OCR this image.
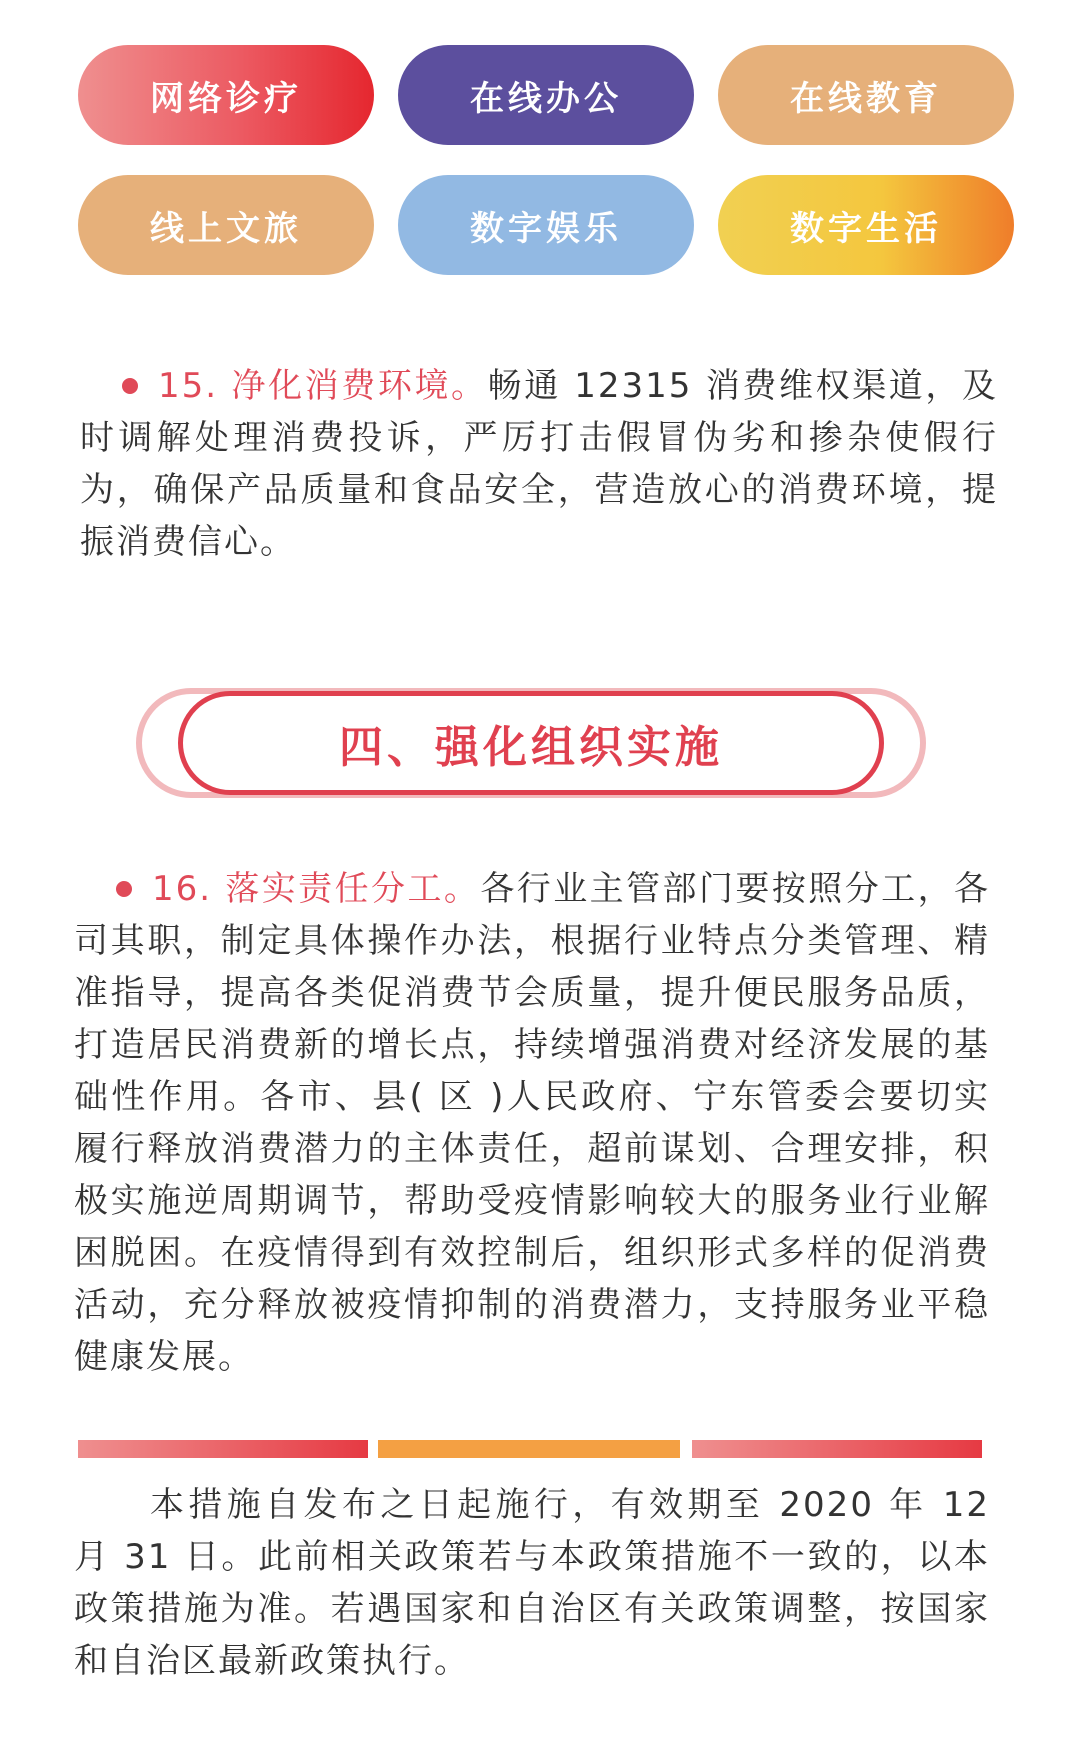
网络诊疗	在线办公	在线教育
线上文旅	数字娱乐	数字生活

15. 净化消费环境。畅通 12315 消费维权渠道，及时调解处理消费投诉，严厉打击假冒伪劣和掺杂使假行为，确保产品质量和食品安全，营造放心的消费环境，提振消费信心。

四、强化组织实施

16. 落实责任分工。各行业主管部门要按照分工，各司其职，制定具体操作办法，根据行业特点分类管理、精准指导，提高各类促消费节会质量，提升便民服务品质，打造居民消费新的增长点，持续增强消费对经济发展的基础性作用。各市、县( 区 )人民政府、宁东管委会要切实履行释放消费潜力的主体责任，超前谋划、合理安排，积极实施逆周期调节，帮助受疫情影响较大的服务业行业解困脱困。在疫情得到有效控制后，组织形式多样的促消费活动，充分释放被疫情抑制的消费潜力，支持服务业平稳健康发展。

本措施自发布之日起施行，有效期至 2020 年 12 月 31 日。此前相关政策若与本政策措施不一致的，以本政策措施为准。若遇国家和自治区有关政策调整，按国家和自治区最新政策执行。
